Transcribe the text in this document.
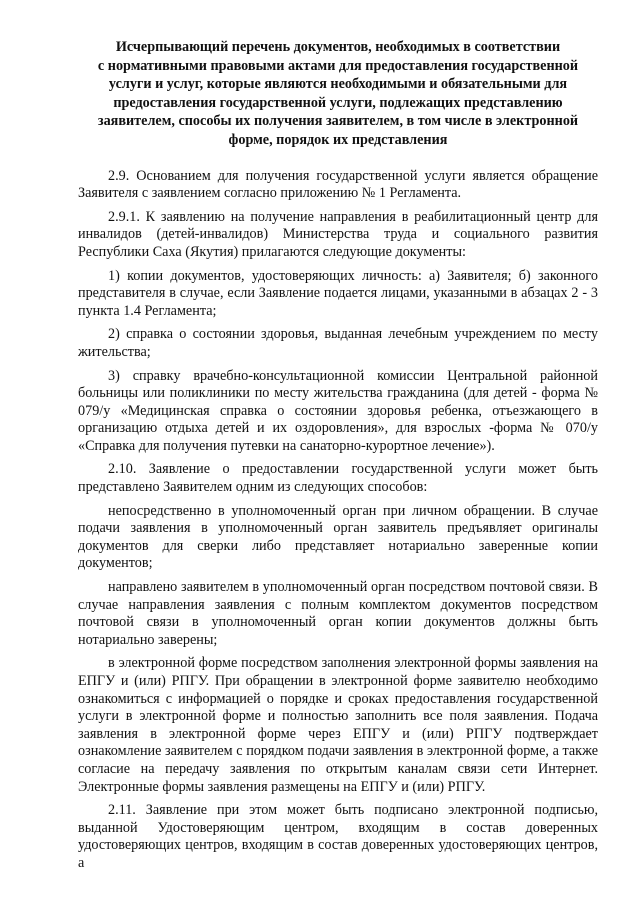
Исчерпывающий перечень документов, необходимых в соответствии
с нормативными правовыми актами для предоставления государственной
услуги и услуг, которые являются необходимыми и обязательными для
предоставления государственной услуги, подлежащих представлению
заявителем, способы их получения заявителем, в том числе в электронной
форме, порядок их представления

2.9. Основанием для получения государственной услуги является обращение Заявителя с заявлением согласно приложению № 1 Регламента.

2.9.1. К заявлению на получение направления в реабилитационный центр для инвалидов (детей-инвалидов) Министерства труда и социального развития Республики Саха (Якутия) прилагаются следующие документы:

1) копии документов, удостоверяющих личность: а) Заявителя; б) законного представителя в случае, если Заявление подается лицами, указанными в абзацах 2 - 3 пункта 1.4 Регламента;

2) справка о состоянии здоровья, выданная лечебным учреждением по месту жительства;

3) справку врачебно-консультационной комиссии Центральной районной больницы или поликлиники по месту жительства гражданина (для детей - форма № 079/у «Медицинская справка о состоянии здоровья ребенка, отъезжающего в организацию отдыха детей и их оздоровления», для взрослых -форма № 070/у «Справка для получения путевки на санаторно-курортное лечение»).

2.10. Заявление о предоставлении государственной услуги может быть представлено Заявителем одним из следующих способов:

непосредственно в уполномоченный орган при личном обращении. В случае подачи заявления в уполномоченный орган заявитель предъявляет оригиналы документов для сверки либо представляет нотариально заверенные копии документов;

направлено заявителем в уполномоченный орган посредством почтовой связи. В случае направления заявления с полным комплектом документов посредством почтовой связи в уполномоченный орган копии документов должны быть нотариально заверены;

в электронной форме посредством заполнения электронной формы заявления на ЕПГУ и (или) РПГУ. При обращении в электронной форме заявителю необходимо ознакомиться с информацией о порядке и сроках предоставления государственной услуги в электронной форме и полностью заполнить все поля заявления. Подача заявления в электронной форме через ЕПГУ и (или) РПГУ подтверждает ознакомление заявителем с порядком подачи заявления в электронной форме, а также согласие на передачу заявления по открытым каналам связи сети Интернет. Электронные формы заявления размещены на ЕПГУ и (или) РПГУ.

2.11. Заявление при этом может быть подписано электронной подписью, выданной Удостоверяющим центром, входящим в состав доверенных удостоверяющих центров, входящим в состав доверенных удостоверяющих центров, а
